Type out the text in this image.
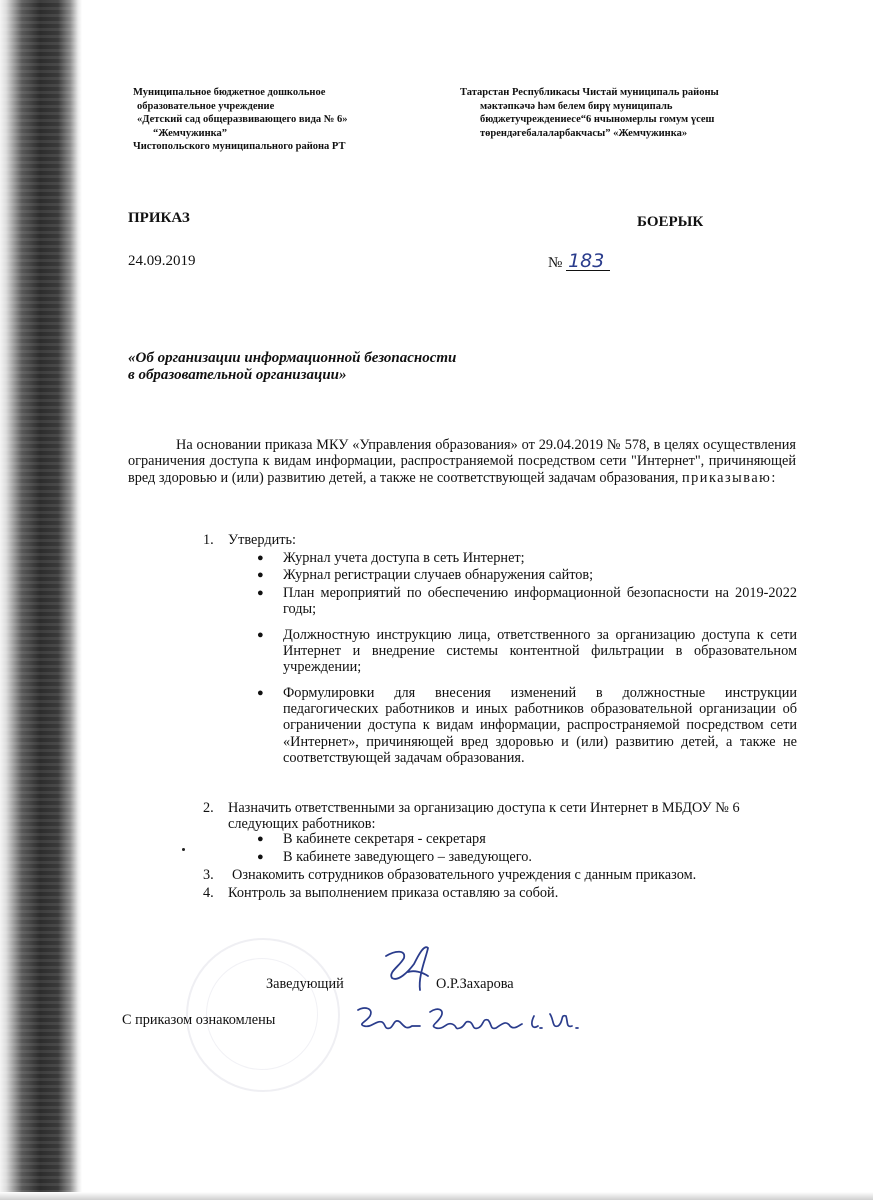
Муниципальное бюджетное дошкольное
образовательное учреждение
«Детский сад общеразвивающего вида № 6»
“Жемчужинка”
Чистопольского муниципального района РТ
Татарстан Республикасы Чистай муниципаль районы
мәктәпкәчә һәм белем бирү муниципаль
бюджетучреждениесе“6 нчыномерлы гомум үсеш
төрендәгебалаларбакчасы” «Жемчужинка»
ПРИКАЗ	БОЕРЫК
24.09.2019	№ 183
«Об организации информационной безопасности
в образовательной организации»
На основании приказа МКУ «Управления образования» от 29.04.2019 № 578, в целях осуществления ограничения доступа к видам информации, распространяемой посредством сети "Интернет", причиняющей вред здоровью и (или) развитию детей, а также не соответствующей задачам образования, приказываю:
1. Утвердить:
● Журнал учета доступа в сеть Интернет;
● Журнал регистрации случаев обнаружения сайтов;
● План мероприятий по обеспечению информационной безопасности на 2019-2022 годы;
● Должностную инструкцию лица, ответственного за организацию доступа к сети Интернет и внедрение системы контентной фильтрации в образовательном учреждении;
● Формулировки для внесения изменений в должностные инструкции педагогических работников и иных работников образовательной организации об ограничении доступа к видам информации, распространяемой посредством сети «Интернет», причиняющей вред здоровью и (или) развитию детей, а также не соответствующей задачам образования.
2. Назначить ответственными за организацию доступа к сети Интернет в МБДОУ № 6
следующих работников:
● В кабинете секретаря - секретаря
● В кабинете заведующего – заведующего.
3. Ознакомить сотрудников образовательного учреждения с данным приказом.
4. Контроль за выполнением приказа оставляю за собой.
Заведующий	О.Р.Захарова
С приказом ознакомлены
